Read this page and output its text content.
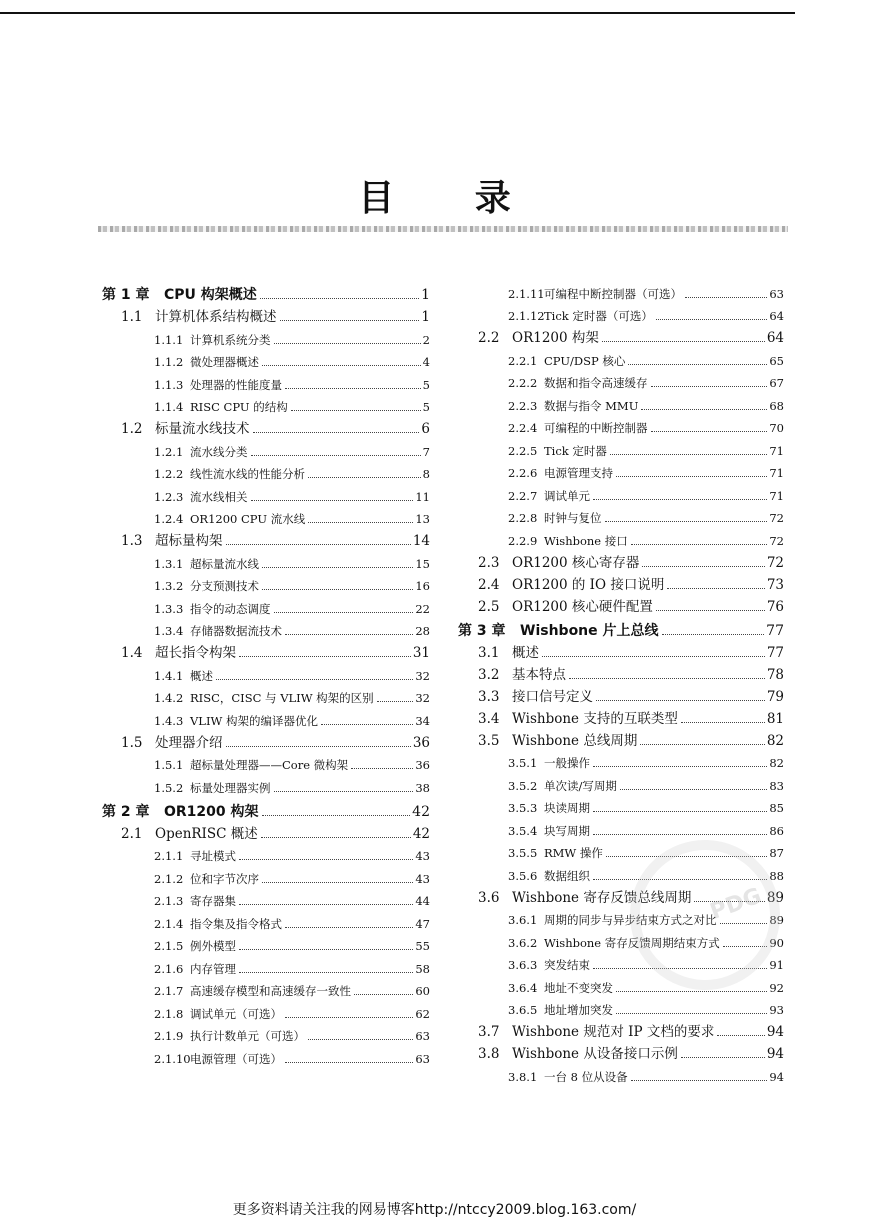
目 录
第 1 章	CPU 构架概述	1
1.1 计算机体系结构概述	1
1.1.1 计算机系统分类	2
1.1.2 微处理器概述	4
1.1.3 处理器的性能度量	5
1.1.4 RISC CPU 的结构	5
1.2 标量流水线技术	6
1.2.1 流水线分类	7
1.2.2 线性流水线的性能分析	8
1.2.3 流水线相关	11
1.2.4 OR1200 CPU 流水线	13
1.3 超标量构架	14
1.3.1 超标量流水线	15
1.3.2 分支预测技术	16
1.3.3 指令的动态调度	22
1.3.4 存储器数据流技术	28
1.4 超长指令构架	31
1.4.1 概述	32
1.4.2 RISC，CISC 与 VLIW 构架的区别	32
1.4.3 VLIW 构架的编译器优化	34
1.5 处理器介绍	36
1.5.1 超标量处理器——Core 微构架	36
1.5.2 标量处理器实例	38
第 2 章	OR1200 构架	42
2.1 OpenRISC 概述	42
2.1.1 寻址模式	43
2.1.2 位和字节次序	43
2.1.3 寄存器集	44
2.1.4 指令集及指令格式	47
2.1.5 例外模型	55
2.1.6 内存管理	58
2.1.7 高速缓存模型和高速缓存一致性	60
2.1.8 调试单元（可选）	62
2.1.9 执行计数单元（可选）	63
2.1.10 电源管理（可选）	63
2.1.11 可编程中断控制器（可选）	63
2.1.12 Tick 定时器（可选）	64
2.2 OR1200 构架	64
2.2.1 CPU/DSP 核心	65
2.2.2 数据和指令高速缓存	67
2.2.3 数据与指令 MMU	68
2.2.4 可编程的中断控制器	70
2.2.5 Tick 定时器	71
2.2.6 电源管理支持	71
2.2.7 调试单元	71
2.2.8 时钟与复位	72
2.2.9 Wishbone 接口	72
2.3 OR1200 核心寄存器	72
2.4 OR1200 的 IO 接口说明	73
2.5 OR1200 核心硬件配置	76
第 3 章	Wishbone 片上总线	77
3.1 概述	77
3.2 基本特点	78
3.3 接口信号定义	79
3.4 Wishbone 支持的互联类型	81
3.5 Wishbone 总线周期	82
3.5.1 一般操作	82
3.5.2 单次读/写周期	83
3.5.3 块读周期	85
3.5.4 块写周期	86
3.5.5 RMW 操作	87
3.5.6 数据组织	88
3.6 Wishbone 寄存反馈总线周期	89
3.6.1 周期的同步与异步结束方式之对比	89
3.6.2 Wishbone 寄存反馈周期结束方式	90
3.6.3 突发结束	91
3.6.4 地址不变突发	92
3.6.5 地址增加突发	93
3.7 Wishbone 规范对 IP 文档的要求	94
3.8 Wishbone 从设备接口示例	94
3.8.1 一台 8 位从设备	94
PDG
更多资料请关注我的网易博客http://ntccy2009.blog.163.com/
